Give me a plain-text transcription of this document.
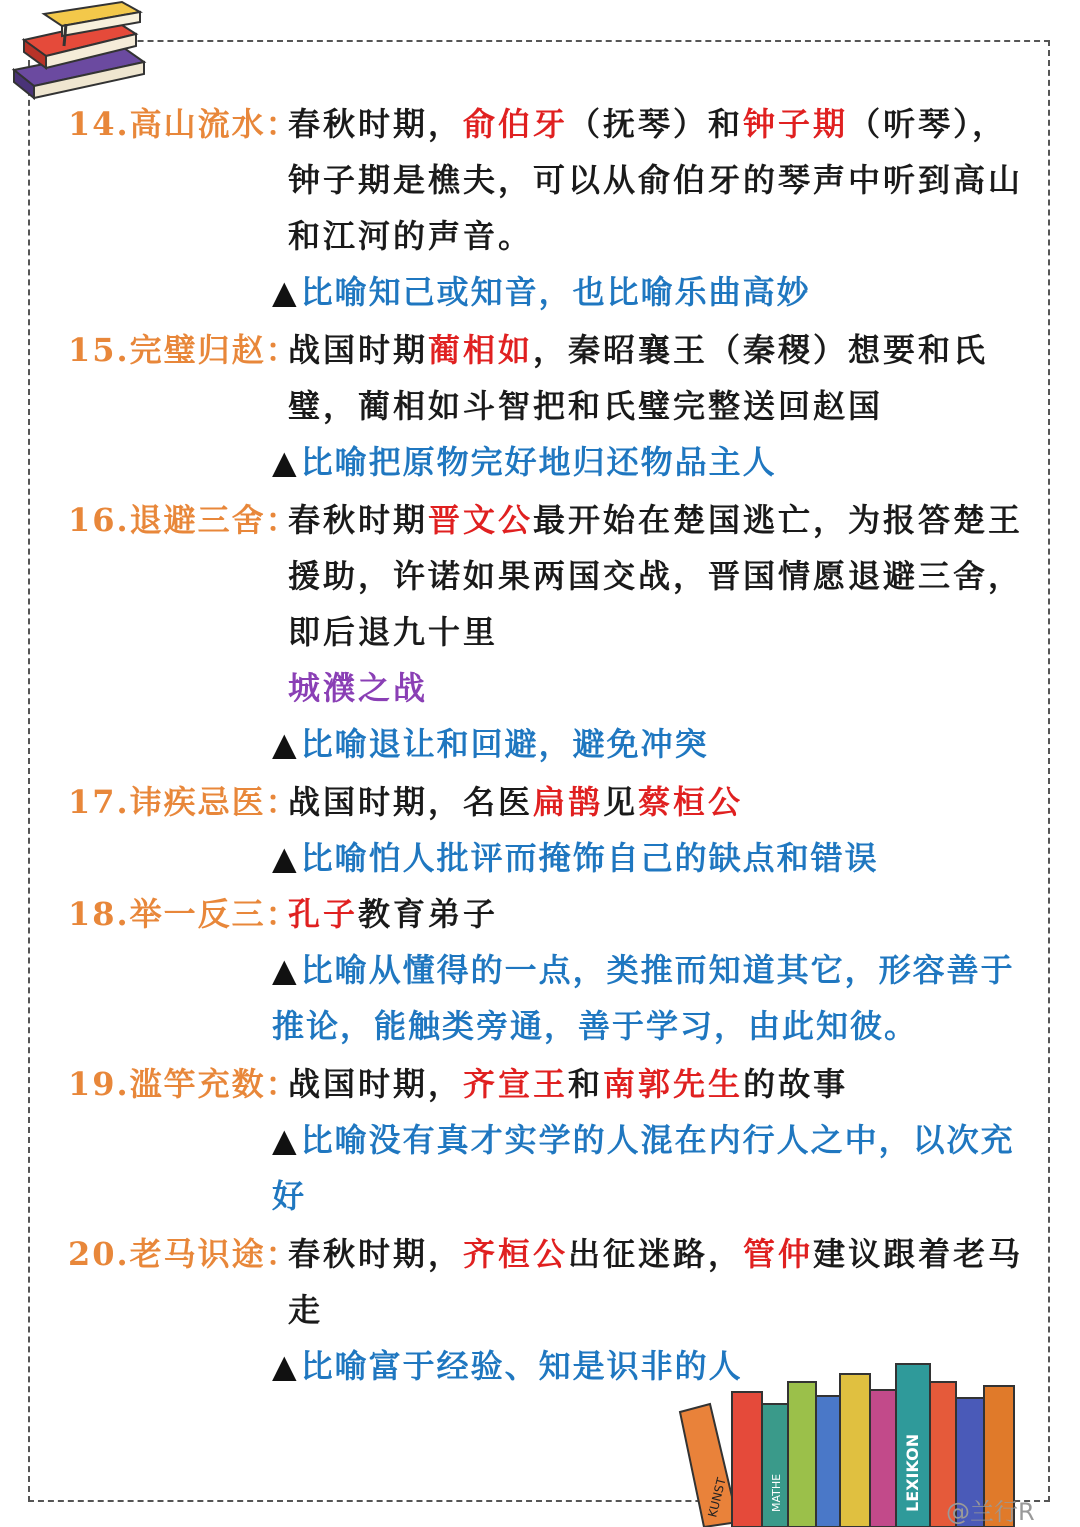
14.高山流水：
春秋时期，俞伯牙（抚琴）和钟子期（听琴），钟子期是樵夫，可以从俞伯牙的琴声中听到高山和江河的声音。
▲比喻知己或知音，也比喻乐曲高妙
15.完璧归赵：
战国时期蔺相如，秦昭襄王（秦稷）想要和氏璧，蔺相如斗智把和氏璧完整送回赵国
▲比喻把原物完好地归还物品主人
16.退避三舍：
春秋时期晋文公最开始在楚国逃亡，为报答楚王援助，许诺如果两国交战，晋国情愿退避三舍，即后退九十里
城濮之战
▲比喻退让和回避，避免冲突
17.讳疾忌医：
战国时期，名医扁鹊见蔡桓公
▲比喻怕人批评而掩饰自己的缺点和错误
18.举一反三：
孔子教育弟子
▲比喻从懂得的一点，类推而知道其它，形容善于推论，能触类旁通，善于学习，由此知彼。
19.滥竽充数：
战国时期，齐宣王和南郭先生的故事
▲比喻没有真才实学的人混在内行人之中，以次充好
20.老马识途：
春秋时期，齐桓公出征迷路，管仲建议跟着老马走
▲比喻富于经验、知是识非的人
LEXIKON
KUNST	MATHE	@兰行R
